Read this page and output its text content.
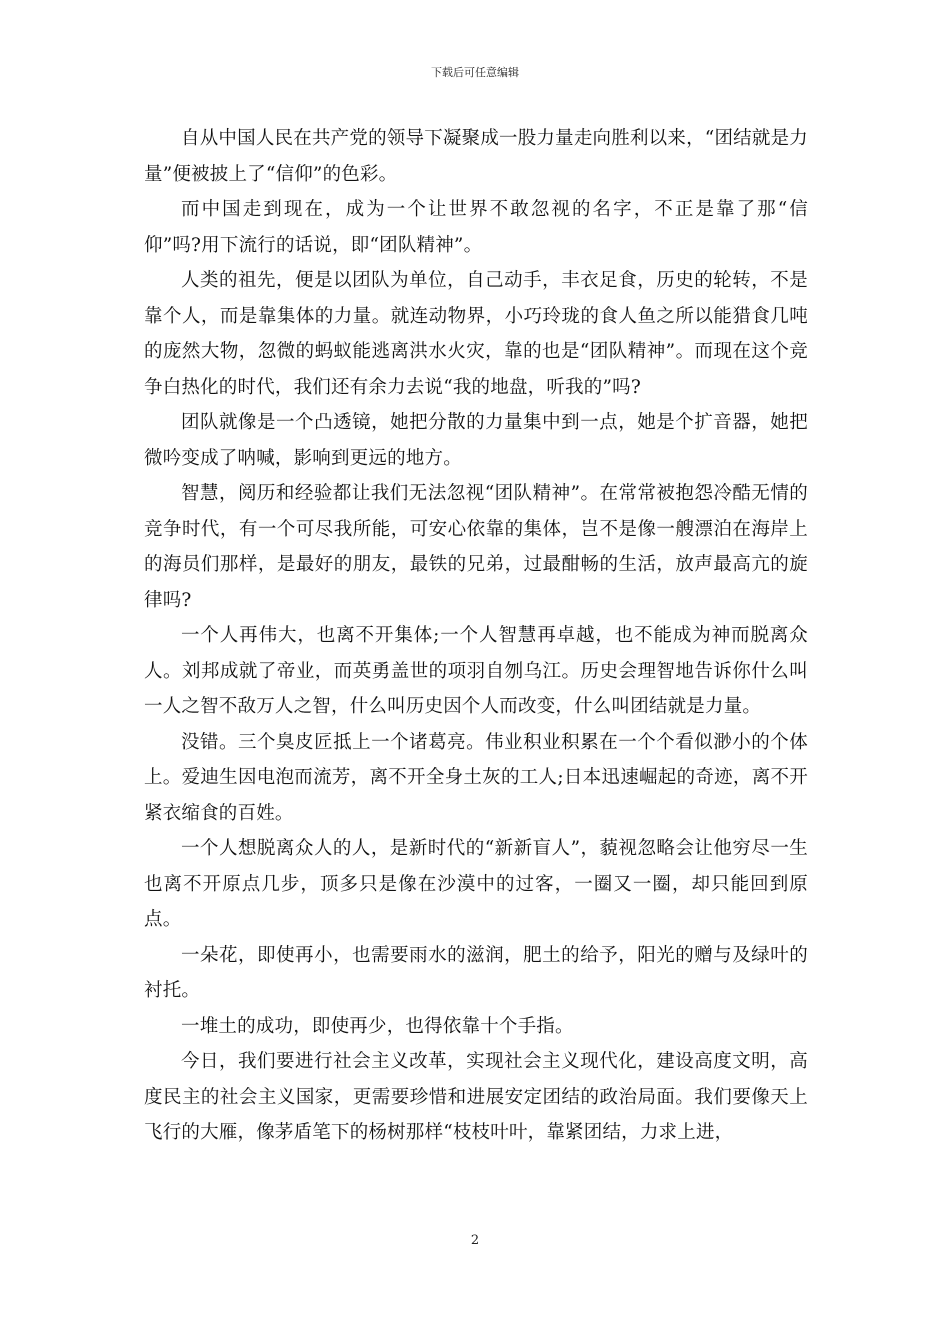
下载后可任意编辑

自从中国人民在共产党的领导下凝聚成一股力量走向胜利以来，“团结就是力量”便被披上了“信仰”的色彩。

而中国走到现在，成为一个让世界不敢忽视的名字，不正是靠了那“信仰”吗?用下流行的话说，即“团队精神”。

人类的祖先，便是以团队为单位，自己动手，丰衣足食，历史的轮转，不是靠个人，而是靠集体的力量。就连动物界，小巧玲珑的食人鱼之所以能猎食几吨的庞然大物，忽微的蚂蚁能逃离洪水火灾，靠的也是“团队精神”。而现在这个竞争白热化的时代，我们还有余力去说“我的地盘，听我的”吗?

团队就像是一个凸透镜，她把分散的力量集中到一点，她是个扩音器，她把微吟变成了呐喊，影响到更远的地方。

智慧，阅历和经验都让我们无法忽视“团队精神”。在常常被抱怨冷酷无情的竞争时代，有一个可尽我所能，可安心依靠的集体，岂不是像一艘漂泊在海岸上的海员们那样，是最好的朋友，最铁的兄弟，过最酣畅的生活，放声最高亢的旋律吗?

一个人再伟大，也离不开集体;一个人智慧再卓越，也不能成为神而脱离众人。刘邦成就了帝业，而英勇盖世的项羽自刎乌江。历史会理智地告诉你什么叫一人之智不敌万人之智，什么叫历史因个人而改变，什么叫团结就是力量。

没错。三个臭皮匠抵上一个诸葛亮。伟业积业积累在一个个看似渺小的个体上。爱迪生因电泡而流芳，离不开全身土灰的工人;日本迅速崛起的奇迹，离不开紧衣缩食的百姓。

一个人想脱离众人的人，是新时代的“新新盲人”，藐视忽略会让他穷尽一生也离不开原点几步，顶多只是像在沙漠中的过客，一圈又一圈，却只能回到原点。

一朵花，即使再小，也需要雨水的滋润，肥土的给予，阳光的赠与及绿叶的衬托。

一堆土的成功，即使再少，也得依靠十个手指。

今日，我们要进行社会主义改革，实现社会主义现代化，建设高度文明，高度民主的社会主义国家，更需要珍惜和进展安定团结的政治局面。我们要像天上飞行的大雁，像茅盾笔下的杨树那样“枝枝叶叶，靠紧团结，力求上进，

2
